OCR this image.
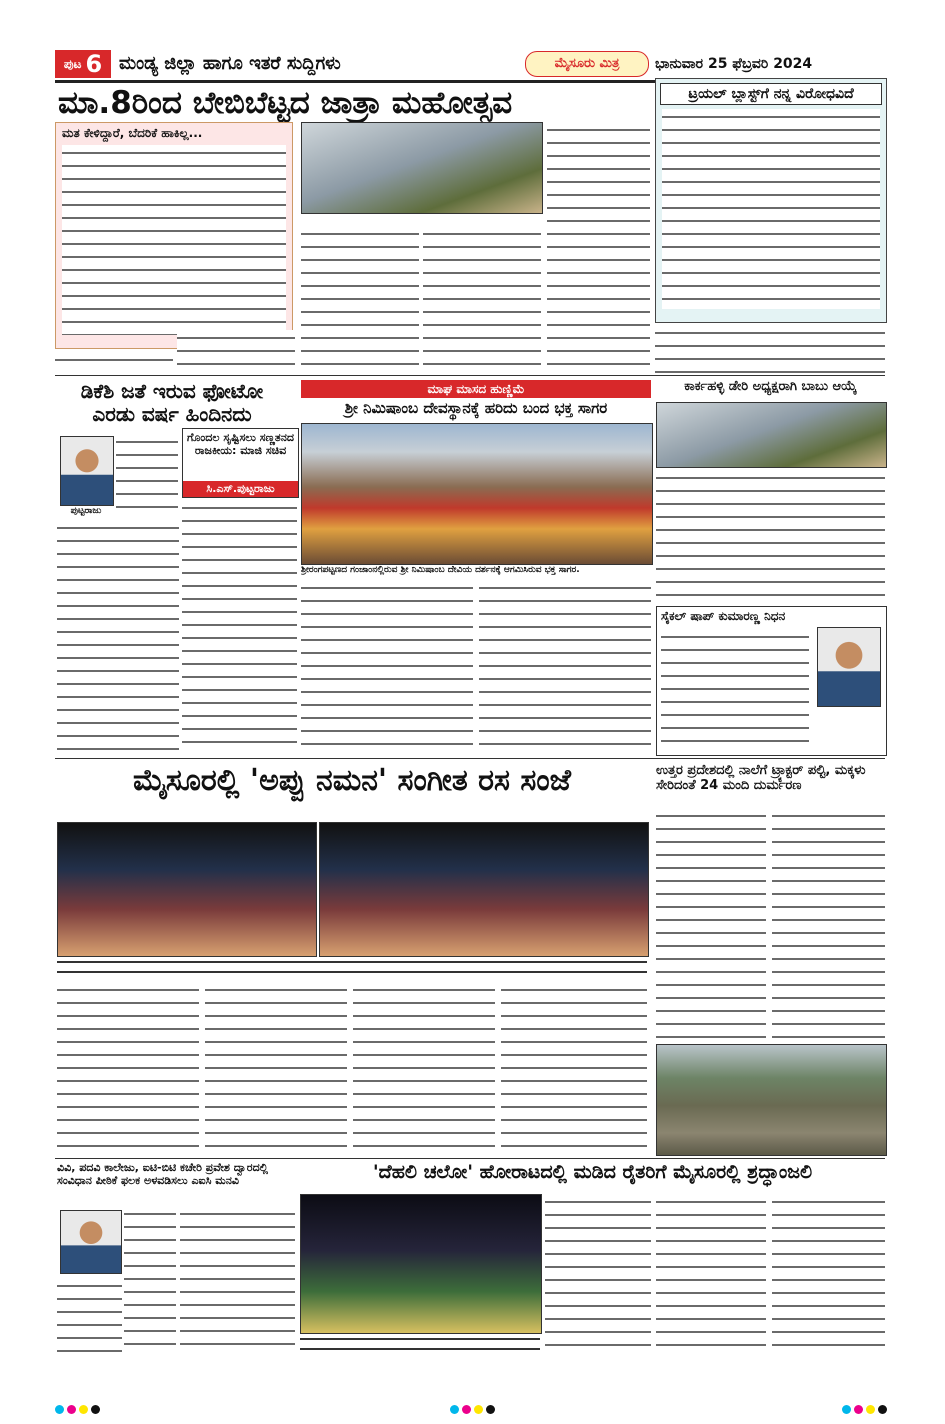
ಪುಟ 6 ಮಂಡ್ಯ ಜಿಲ್ಲಾ ಹಾಗೂ ಇತರೆ ಸುದ್ದಿಗಳು	ಮೈಸೂರು ಮಿತ್ರ	ಭಾನುವಾರ 25 ಫೆಬ್ರವರಿ 2024
ಮಾ.8ರಿಂದ ಬೇಬಿಬೆಟ್ಟದ ಜಾತ್ರಾ ಮಹೋತ್ಸವ	ಟ್ರಯಲ್ ಬ್ಲಾಸ್ಟ್‌ಗೆ ನನ್ನ ವಿರೋಧವಿದೆ
ಮತ ಕೇಳಿದ್ದಾರೆ, ಬೆದರಿಕೆ ಹಾಕಿಲ್ಲ...
ಡಿಕೆಶಿ ಜತೆ ಇರುವ ಫೋಟೋ ಎರಡು ವರ್ಷ ಹಿಂದಿನದು
ಪುಟ್ಟರಾಜು
ಗೊಂದಲ ಸೃಷ್ಟಿಸಲು ಸಣ್ಣತನದ ರಾಜಕೀಯ: ಮಾಜಿ ಸಚಿವ
ಸಿ.ಎಸ್.ಪುಟ್ಟರಾಜು
ಮಾಘ ಮಾಸದ ಹುಣ್ಣಿಮೆ
ಶ್ರೀ ನಿಮಿಷಾಂಬ ದೇವಸ್ಥಾನಕ್ಕೆ ಹರಿದು ಬಂದ ಭಕ್ತ ಸಾಗರ
ಶ್ರೀರಂಗಪಟ್ಟಣದ ಗಂಜಾಂನಲ್ಲಿರುವ ಶ್ರೀ ನಿಮಿಷಾಂಬ ದೇವಿಯ ದರ್ಶನಕ್ಕೆ ಆಗಮಿಸಿರುವ ಭಕ್ತ ಸಾಗರ.
ಕಾರ್ಕಹಳ್ಳಿ ಡೇರಿ ಅಧ್ಯಕ್ಷರಾಗಿ ಬಾಬು ಆಯ್ಕೆ
ಸೈಕಲ್ ಷಾಪ್ ಕುಮಾರಣ್ಣ ನಿಧನ
ಮೈಸೂರಲ್ಲಿ 'ಅಪ್ಪು ನಮನ' ಸಂಗೀತ ರಸ ಸಂಜೆ	ಉತ್ತರ ಪ್ರದೇಶದಲ್ಲಿ ನಾಲೆಗೆ ಟ್ರ್ಯಾಕ್ಟರ್ ಪಲ್ಟಿ, ಮಕ್ಕಳು ಸೇರಿದಂತೆ 24 ಮಂದಿ ದುರ್ಮರಣ
ವಿವಿ, ಪದವಿ ಕಾಲೇಜು, ಐಟಿ-ಬಿಟಿ ಕಚೇರಿ ಪ್ರವೇಶ ದ್ವಾರದಲ್ಲಿ ಸಂವಿಧಾನ ಪೀಠಿಕೆ ಫಲಕ ಅಳವಡಿಸಲು ಎಐಸಿ ಮನವಿ	'ದೆಹಲಿ ಚಲೋ' ಹೋರಾಟದಲ್ಲಿ ಮಡಿದ ರೈತರಿಗೆ ಮೈಸೂರಲ್ಲಿ ಶ್ರದ್ಧಾಂಜಲಿ
